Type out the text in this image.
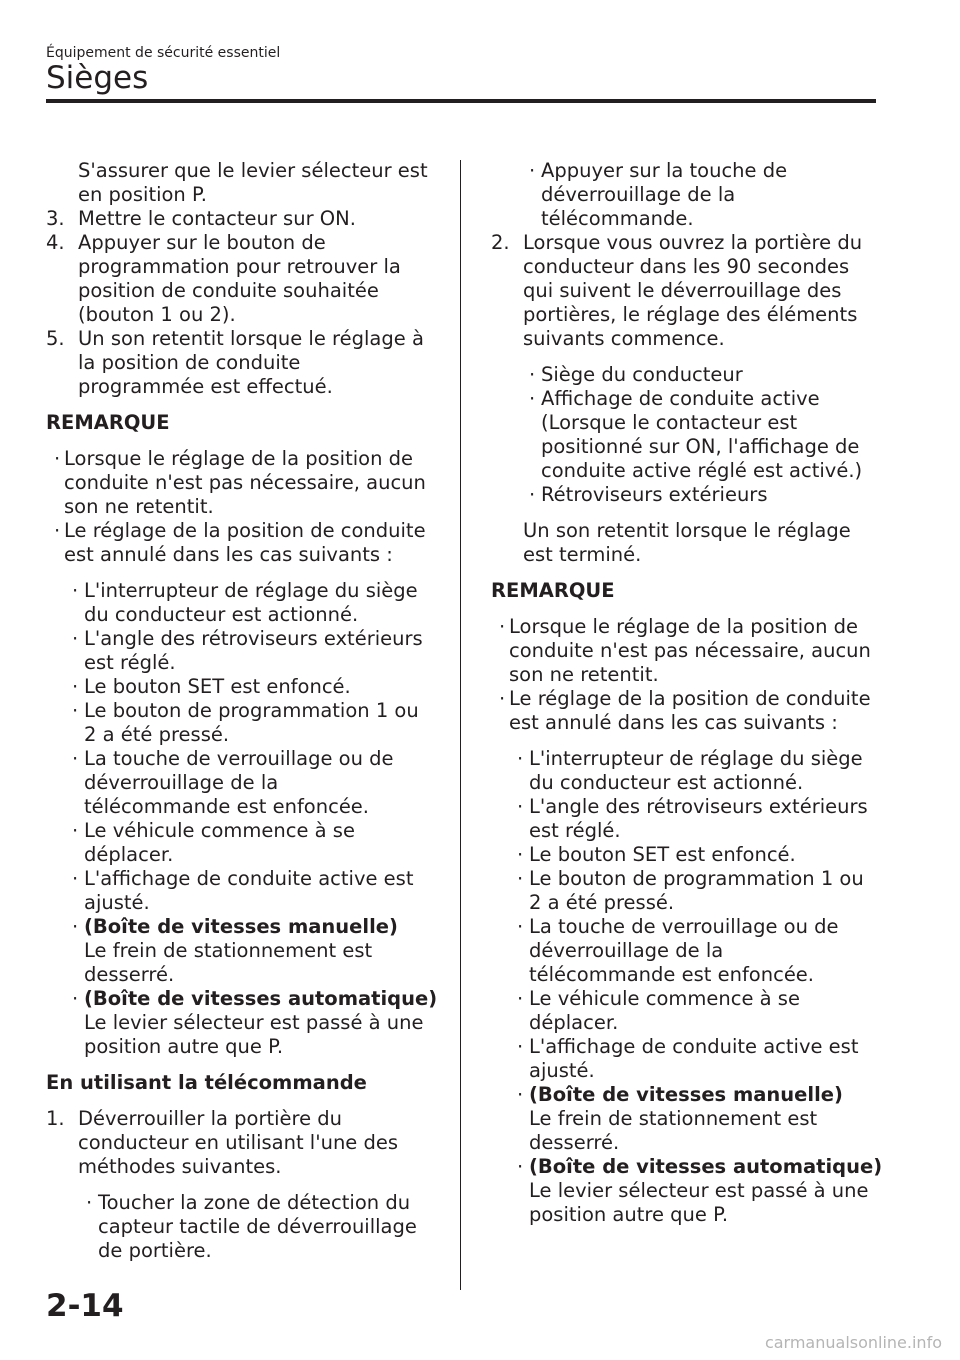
Équipement de sécurité essentiel
Sièges
S'assurer que le levier sélecteur est
en position P.
Mettre le contacteur sur ON.
3.
Appuyer sur le bouton de
4.
programmation pour retrouver la
position de conduite souhaitée
(bouton 1 ou 2).
Un son retentit lorsque le réglage à
5.
la position de conduite
programmée est effectué.
REMARQUE
Lorsque le réglage de la position de
·
conduite n'est pas nécessaire, aucun
son ne retentit.
Le réglage de la position de conduite
·
est annulé dans les cas suivants :
L'interrupteur de réglage du siège
·
du conducteur est actionné.
L'angle des rétroviseurs extérieurs
·
est réglé.
Le bouton SET est enfoncé.
·
Le bouton de programmation 1 ou
·
2 a été pressé.
La touche de verrouillage ou de
·
déverrouillage de la
télécommande est enfoncée.
Le véhicule commence à se
·
déplacer.
L'affichage de conduite active est
·
ajusté.
(Boîte de vitesses manuelle)
·
Le frein de stationnement est
desserré.
(Boîte de vitesses automatique)
·
Le levier sélecteur est passé à une
position autre que P.
En utilisant la télécommande
Déverrouiller la portière du
1.
conducteur en utilisant l'une des
méthodes suivantes.
Toucher la zone de détection du
·
capteur tactile de déverrouillage
de portière.
Appuyer sur la touche de
·
déverrouillage de la
télécommande.
Lorsque vous ouvrez la portière du
2.
conducteur dans les 90 secondes
qui suivent le déverrouillage des
portières, le réglage des éléments
suivants commence.
Siège du conducteur
·
Affichage de conduite active
·
(Lorsque le contacteur est
positionné sur ON, l'affichage de
conduite active réglé est activé.)
Rétroviseurs extérieurs
·
Un son retentit lorsque le réglage
est terminé.
REMARQUE
Lorsque le réglage de la position de
·
conduite n'est pas nécessaire, aucun
son ne retentit.
Le réglage de la position de conduite
·
est annulé dans les cas suivants :
L'interrupteur de réglage du siège
·
du conducteur est actionné.
L'angle des rétroviseurs extérieurs
·
est réglé.
Le bouton SET est enfoncé.
·
Le bouton de programmation 1 ou
·
2 a été pressé.
La touche de verrouillage ou de
·
déverrouillage de la
télécommande est enfoncée.
Le véhicule commence à se
·
déplacer.
L'affichage de conduite active est
·
ajusté.
(Boîte de vitesses manuelle)
·
Le frein de stationnement est
desserré.
(Boîte de vitesses automatique)
·
Le levier sélecteur est passé à une
position autre que P.
2-14
carmanualsonline.info
